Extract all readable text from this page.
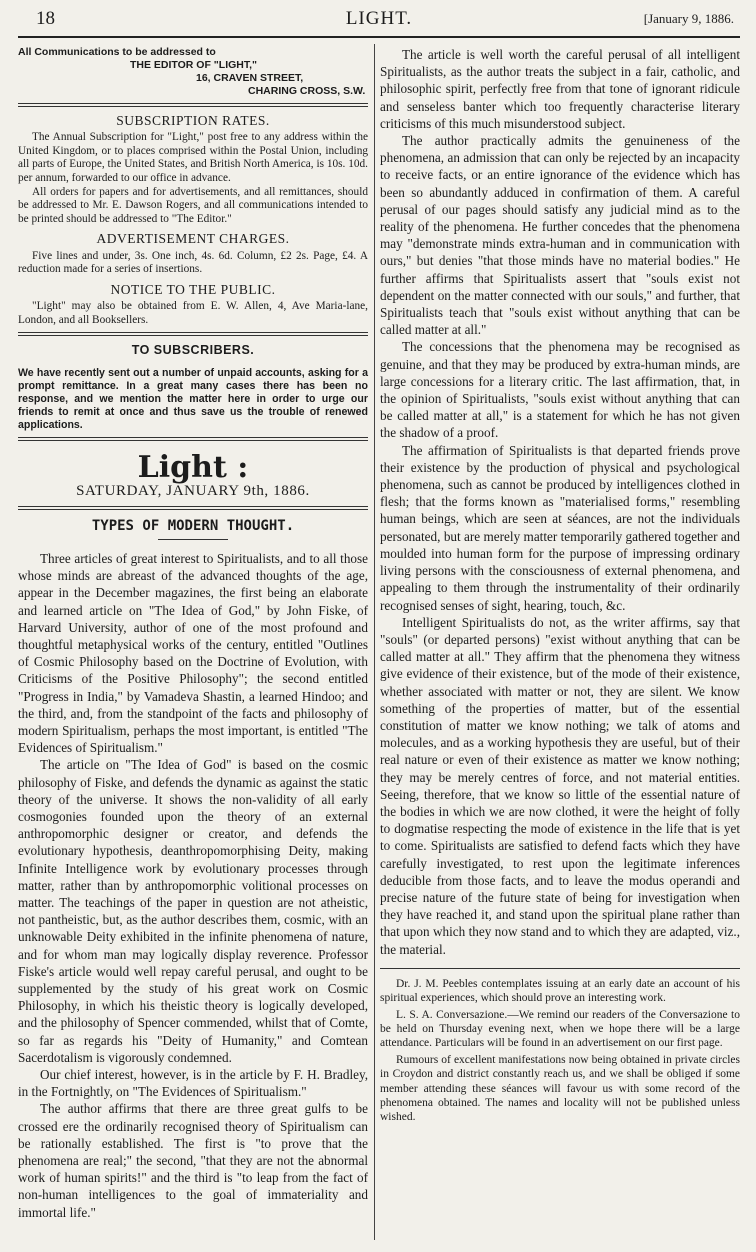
18	LIGHT.	[January 9, 1886.
All Communications to be addressed to
THE EDITOR OF "LIGHT,"
16, CRAVEN STREET,
CHARING CROSS, S.W.
SUBSCRIPTION RATES.

The Annual Subscription for "Light," post free to any address within the United Kingdom, or to places comprised within the Postal Union, including all parts of Europe, the United States, and British North America, is 10s. 10d. per annum, forwarded to our office in advance.

All orders for papers and for advertisements, and all remittances, should be addressed to Mr. E. Dawson Rogers, and all communications intended to be printed should be addressed to "The Editor."

ADVERTISEMENT CHARGES.

Five lines and under, 3s. One inch, 4s. 6d. Column, £2 2s. Page, £4. A reduction made for a series of insertions.

NOTICE TO THE PUBLIC.

"Light" may also be obtained from E. W. Allen, 4, Ave Maria-lane, London, and all Booksellers.

TO SUBSCRIBERS.
We have recently sent out a number of unpaid accounts, asking for a prompt remittance. In a great many cases there has been no response, and we mention the matter here in order to urge our friends to remit at once and thus save us the trouble of renewed applications.
Light :
SATURDAY, JANUARY 9th, 1886.
TYPES OF MODERN THOUGHT.

Three articles of great interest to Spiritualists, and to all those whose minds are abreast of the advanced thoughts of the age, appear in the December magazines, the first being an elaborate and learned article on "The Idea of God," by John Fiske, of Harvard University, author of one of the most profound and thoughtful metaphysical works of the century, entitled "Outlines of Cosmic Philosophy based on the Doctrine of Evolution, with Criticisms of the Positive Philosophy"; the second entitled "Progress in India," by Vamadeva Shastin, a learned Hindoo; and the third, and, from the standpoint of the facts and philosophy of modern Spiritualism, perhaps the most important, is entitled "The Evidences of Spiritualism."

The article on "The Idea of God" is based on the cosmic philosophy of Fiske, and defends the dynamic as against the static theory of the universe. It shows the non-validity of all early cosmogonies founded upon the theory of an external anthropomorphic designer or creator, and defends the evolutionary hypothesis, deanthropomorphising Deity, making Infinite Intelligence work by evolutionary processes through matter, rather than by anthropomorphic volitional processes on matter. The teachings of the paper in question are not atheistic, not pantheistic, but, as the author describes them, cosmic, with an unknowable Deity exhibited in the infinite phenomena of nature, and for whom man may logically display reverence. Professor Fiske's article would well repay careful perusal, and ought to be supplemented by the study of his great work on Cosmic Philosophy, in which his theistic theory is logically developed, and the philosophy of Spencer commended, whilst that of Comte, so far as regards his "Deity of Humanity," and Comtean Sacerdotalism is vigorously condemned.

Our chief interest, however, is in the article by F. H. Bradley, in the Fortnightly, on "The Evidences of Spiritualism."

The author affirms that there are three great gulfs to be crossed ere the ordinarily recognised theory of Spiritualism can be rationally established. The first is "to prove that the phenomena are real;" the second, "that they are not the abnormal work of human spirits!" and the third is "to leap from the fact of non-human intelligences to the goal of immateriality and immortal life."

The article is well worth the careful perusal of all intelligent Spiritualists, as the author treats the subject in a fair, catholic, and philosophic spirit, perfectly free from that tone of ignorant ridicule and senseless banter which too frequently characterise literary criticisms of this much misunderstood subject.

The author practically admits the genuineness of the phenomena, an admission that can only be rejected by an incapacity to receive facts, or an entire ignorance of the evidence which has been so abundantly adduced in confirmation of them. A careful perusal of our pages should satisfy any judicial mind as to the reality of the phenomena. He further concedes that the phenomena may "demonstrate minds extra-human and in communication with ours," but denies "that those minds have no material bodies." He further affirms that Spiritualists assert that "souls exist not dependent on the matter connected with our souls," and further, that Spiritualists teach that "souls exist without anything that can be called matter at all."

The concessions that the phenomena may be recognised as genuine, and that they may be produced by extra-human minds, are large concessions for a literary critic. The last affirmation, that, in the opinion of Spiritualists, "souls exist without anything that can be called matter at all," is a statement for which he has not given the shadow of a proof.

The affirmation of Spiritualists is that departed friends prove their existence by the production of physical and psychological phenomena, such as cannot be produced by intelligences clothed in flesh; that the forms known as "materialised forms," resembling human beings, which are seen at séances, are not the individuals personated, but are merely matter temporarily gathered together and moulded into human form for the purpose of impressing ordinary living persons with the consciousness of external phenomena, and appealing to them through the instrumentality of their ordinarily recognised senses of sight, hearing, touch, &c.

Intelligent Spiritualists do not, as the writer affirms, say that "souls" (or departed persons) "exist without anything that can be called matter at all." They affirm that the phenomena they witness give evidence of their existence, but of the mode of their existence, whether associated with matter or not, they are silent. We know something of the properties of matter, but of the essential constitution of matter we know nothing; we talk of atoms and molecules, and as a working hypothesis they are useful, but of their real nature or even of their existence as matter we know nothing; they may be merely centres of force, and not material entities. Seeing, therefore, that we know so little of the essential nature of the bodies in which we are now clothed, it were the height of folly to dogmatise respecting the mode of existence in the life that is yet to come. Spiritualists are satisfied to defend facts which they have carefully investigated, to rest upon the legitimate inferences deducible from those facts, and to leave the modus operandi and precise nature of the future state of being for investigation when they have reached it, and stand upon the spiritual plane rather than that upon which they now stand and to which they are adapted, viz., the material.

Dr. J. M. Peebles contemplates issuing at an early date an account of his spiritual experiences, which should prove an interesting work.

L. S. A. Conversazione.—We remind our readers of the Conversazione to be held on Thursday evening next, when we hope there will be a large attendance. Particulars will be found in an advertisement on our first page.

Rumours of excellent manifestations now being obtained in private circles in Croydon and district constantly reach us, and we shall be obliged if some member attending these séances will favour us with some record of the phenomena obtained. The names and locality will not be published unless wished.
